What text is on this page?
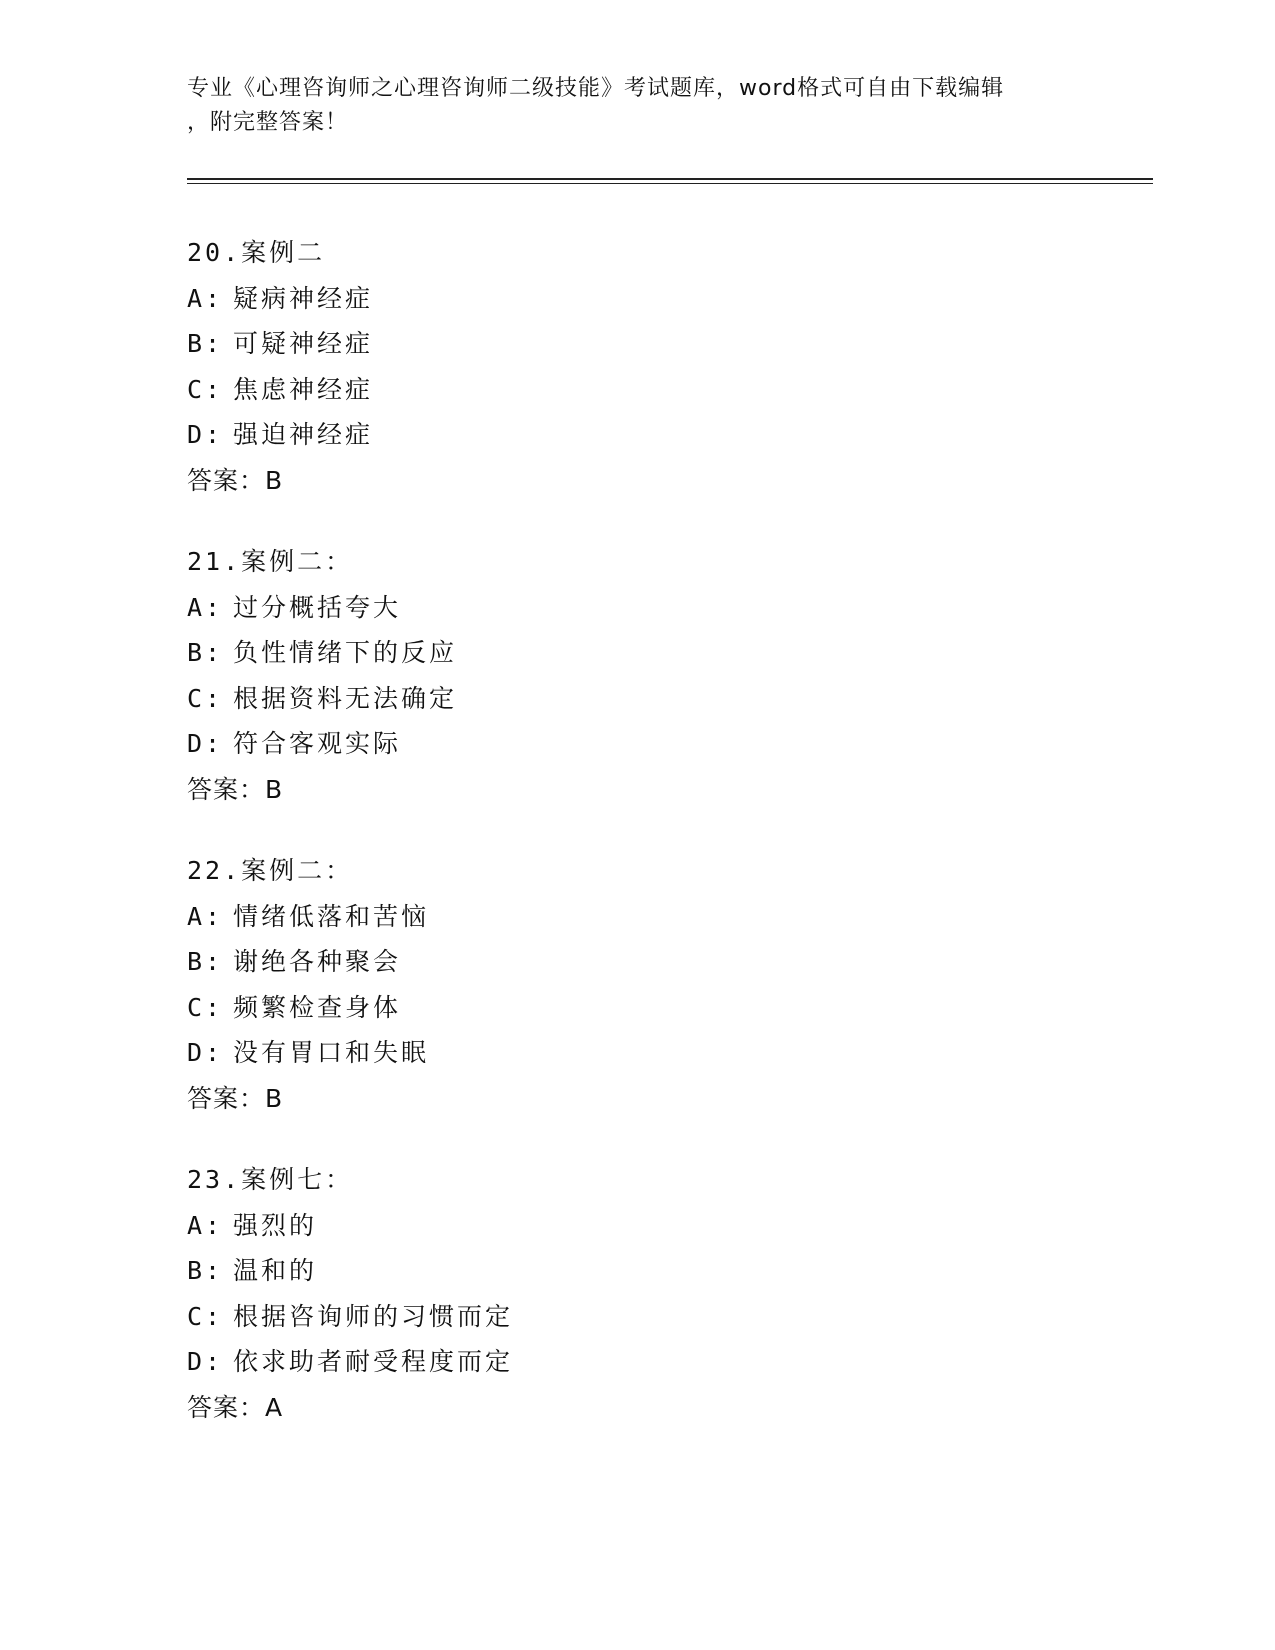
专业《心理咨询师之心理咨询师二级技能》考试题库，word格式可自由下载编辑
，附完整答案！
20.案例二
A: 疑病神经症
B: 可疑神经症
C: 焦虑神经症
D: 强迫神经症
答案：B
21.案例二：
A: 过分概括夸大
B: 负性情绪下的反应
C: 根据资料无法确定
D: 符合客观实际
答案：B
22.案例二：
A: 情绪低落和苦恼
B: 谢绝各种聚会
C: 频繁检查身体
D: 没有胃口和失眠
答案：B
23.案例七：
A: 强烈的
B: 温和的
C: 根据咨询师的习惯而定
D: 依求助者耐受程度而定
答案：A
